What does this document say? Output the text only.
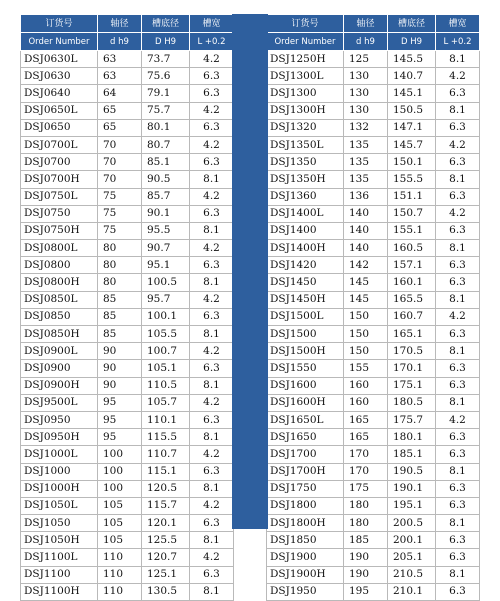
订货号	轴径	槽底径	槽宽
Order Number	d h9	D H9	L +0.2
DSJ0630L	63	73.7	4.2
DSJ0630	63	75.6	6.3
DSJ0640	64	79.1	6.3
DSJ0650L	65	75.7	4.2
DSJ0650	65	80.1	6.3
DSJ0700L	70	80.7	4.2
DSJ0700	70	85.1	6.3
DSJ0700H	70	90.5	8.1
DSJ0750L	75	85.7	4.2
DSJ0750	75	90.1	6.3
DSJ0750H	75	95.5	8.1
DSJ0800L	80	90.7	4.2
DSJ0800	80	95.1	6.3
DSJ0800H	80	100.5	8.1
DSJ0850L	85	95.7	4.2
DSJ0850	85	100.1	6.3
DSJ0850H	85	105.5	8.1
DSJ0900L	90	100.7	4.2
DSJ0900	90	105.1	6.3
DSJ0900H	90	110.5	8.1
DSJ9500L	95	105.7	4.2
DSJ0950	95	110.1	6.3
DSJ0950H	95	115.5	8.1
DSJ1000L	100	110.7	4.2
DSJ1000	100	115.1	6.3
DSJ1000H	100	120.5	8.1
DSJ1050L	105	115.7	4.2
DSJ1050	105	120.1	6.3
DSJ1050H	105	125.5	8.1
DSJ1100L	110	120.7	4.2
DSJ1100	110	125.1	6.3
DSJ1100H	110	130.5	8.1
订货号	轴径	槽底径	槽宽
Order Number	d h9	D H9	L +0.2
DSJ1250H	125	145.5	8.1
DSJ1300L	130	140.7	4.2
DSJ1300	130	145.1	6.3
DSJ1300H	130	150.5	8.1
DSJ1320	132	147.1	6.3
DSJ1350L	135	145.7	4.2
DSJ1350	135	150.1	6.3
DSJ1350H	135	155.5	8.1
DSJ1360	136	151.1	6.3
DSJ1400L	140	150.7	4.2
DSJ1400	140	155.1	6.3
DSJ1400H	140	160.5	8.1
DSJ1420	142	157.1	6.3
DSJ1450	145	160.1	6.3
DSJ1450H	145	165.5	8.1
DSJ1500L	150	160.7	4.2
DSJ1500	150	165.1	6.3
DSJ1500H	150	170.5	8.1
DSJ1550	155	170.1	6.3
DSJ1600	160	175.1	6.3
DSJ1600H	160	180.5	8.1
DSJ1650L	165	175.7	4.2
DSJ1650	165	180.1	6.3
DSJ1700	170	185.1	6.3
DSJ1700H	170	190.5	8.1
DSJ1750	175	190.1	6.3
DSJ1800	180	195.1	6.3
DSJ1800H	180	200.5	8.1
DSJ1850	185	200.1	6.3
DSJ1900	190	205.1	6.3
DSJ1900H	190	210.5	8.1
DSJ1950	195	210.1	6.3
